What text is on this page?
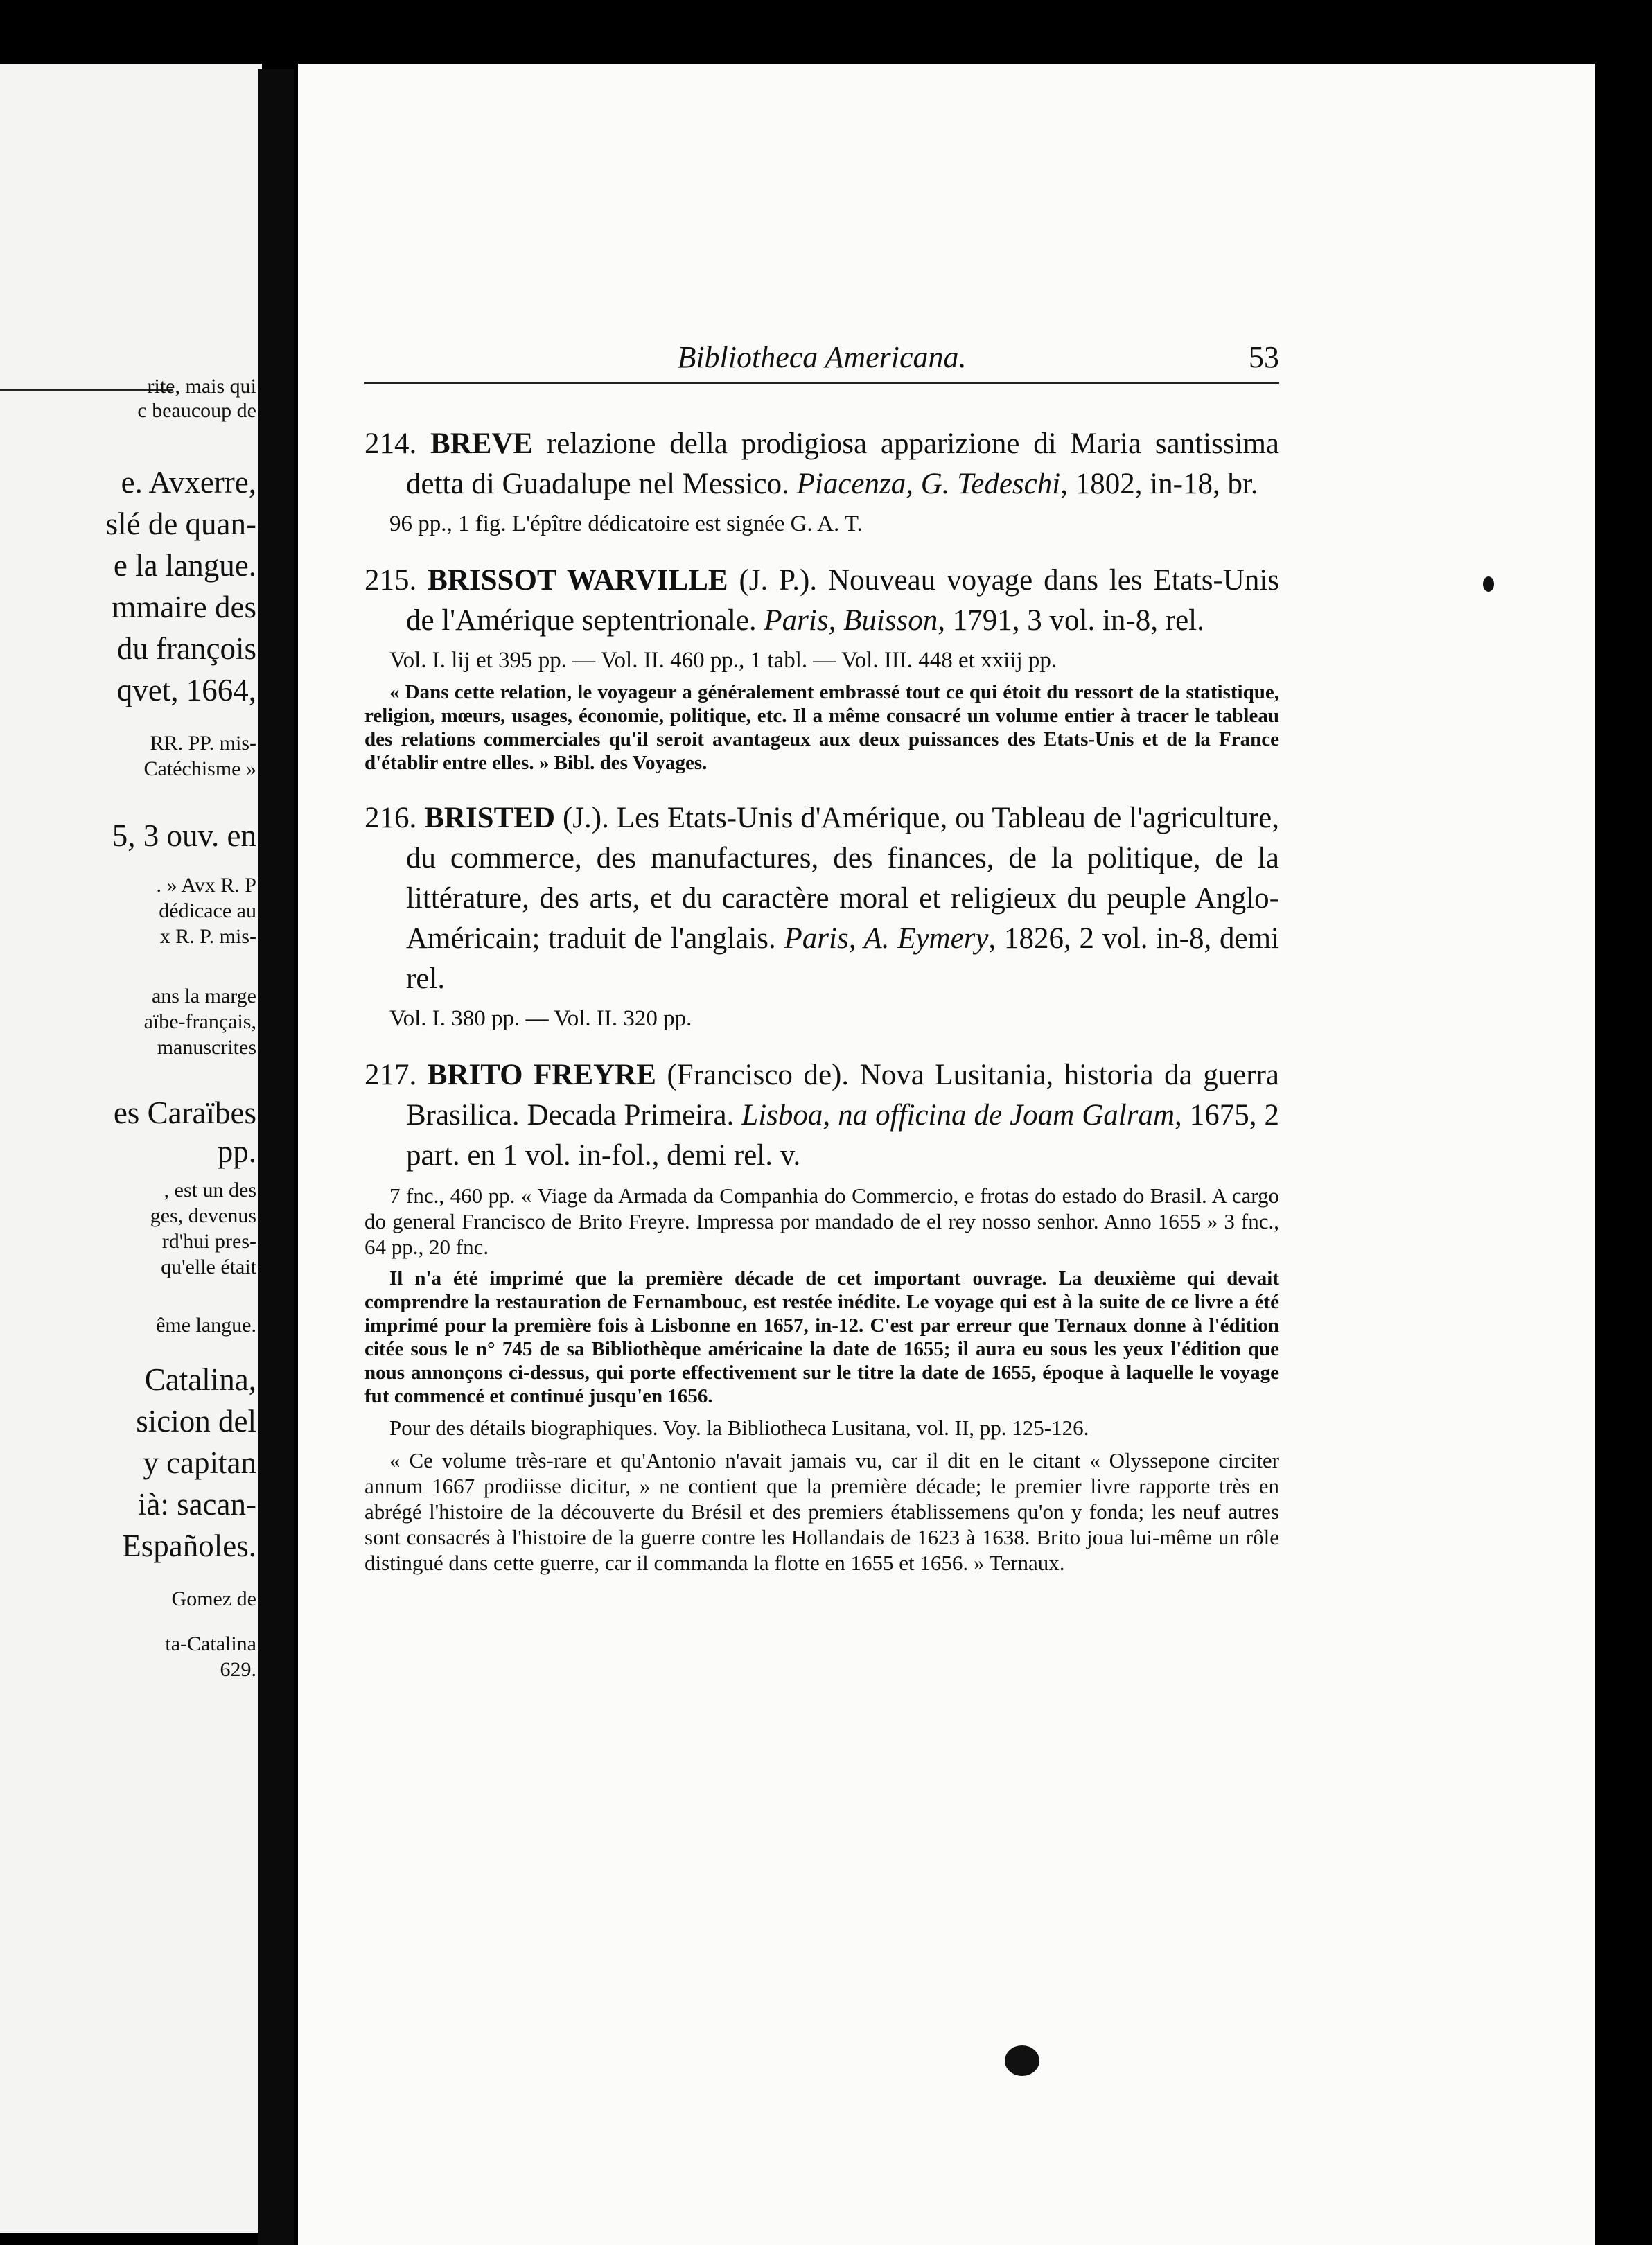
rite, mais qui
c beaucoup de
e. Avxerre,
slé de quan-
e la langue.
mmaire des
du françois
qvet, 1664,
RR. PP. mis-
Catéchisme »
5, 3 ouv. en
. » Avx R. P
dédicace au
x R. P. mis-
ans la marge
aïbe-français,
manuscrites
es Caraïbes
pp.
, est un des
ges, devenus
rd'hui pres-
qu'elle était
ême langue.
Catalina,
sicion del
y capitan
ià: sacan-
Españoles.
Gomez de
ta-Catalina
629.
Bibliotheca Americana.	53
214. BREVE relazione della prodigiosa apparizione di Maria santissima detta di Guadalupe nel Messico. Piacenza, G. Tedeschi, 1802, in-18, br.
96 pp., 1 fig. L'épître dédicatoire est signée G. A. T.
215. BRISSOT WARVILLE (J. P.). Nouveau voyage dans les Etats-Unis de l'Amérique septentrionale. Paris, Buisson, 1791, 3 vol. in-8, rel.
Vol. I. lij et 395 pp. — Vol. II. 460 pp., 1 tabl. — Vol. III. 448 et xxiij pp.
« Dans cette relation, le voyageur a généralement embrassé tout ce qui étoit du ressort de la statistique, religion, mœurs, usages, économie, politique, etc. Il a même consacré un volume entier à tracer le tableau des relations commerciales qu'il seroit avantageux aux deux puissances des Etats-Unis et de la France d'établir entre elles. » Bibl. des Voyages.
216. BRISTED (J.). Les Etats-Unis d'Amérique, ou Tableau de l'agriculture, du commerce, des manufactures, des finances, de la politique, de la littérature, des arts, et du caractère moral et religieux du peuple Anglo-Américain; traduit de l'anglais. Paris, A. Eymery, 1826, 2 vol. in-8, demi rel.
Vol. I. 380 pp. — Vol. II. 320 pp.
217. BRITO FREYRE (Francisco de). Nova Lusitania, historia da guerra Brasilica. Decada Primeira. Lisboa, na officina de Joam Galram, 1675, 2 part. en 1 vol. in-fol., demi rel. v.
7 fnc., 460 pp. « Viage da Armada da Companhia do Commercio, e frotas do estado do Brasil. A cargo do general Francisco de Brito Freyre. Impressa por mandado de el rey nosso senhor. Anno 1655 » 3 fnc., 64 pp., 20 fnc.
Il n'a été imprimé que la première décade de cet important ouvrage. La deuxième qui devait comprendre la restauration de Fernambouc, est restée inédite. Le voyage qui est à la suite de ce livre a été imprimé pour la première fois à Lisbonne en 1657, in-12. C'est par erreur que Ternaux donne à l'édition citée sous le n° 745 de sa Bibliothèque américaine la date de 1655; il aura eu sous les yeux l'édition que nous annonçons ci-dessus, qui porte effectivement sur le titre la date de 1655, époque à laquelle le voyage fut commencé et continué jusqu'en 1656.
Pour des détails biographiques. Voy. la Bibliotheca Lusitana, vol. II, pp. 125-126.
« Ce volume très-rare et qu'Antonio n'avait jamais vu, car il dit en le citant « Olyssepone circiter annum 1667 prodiisse dicitur, » ne contient que la première décade; le premier livre rapporte très en abrégé l'histoire de la découverte du Brésil et des premiers établissemens qu'on y fonda; les neuf autres sont consacrés à l'histoire de la guerre contre les Hollandais de 1623 à 1638. Brito joua lui-même un rôle distingué dans cette guerre, car il commanda la flotte en 1655 et 1656. » Ternaux.
